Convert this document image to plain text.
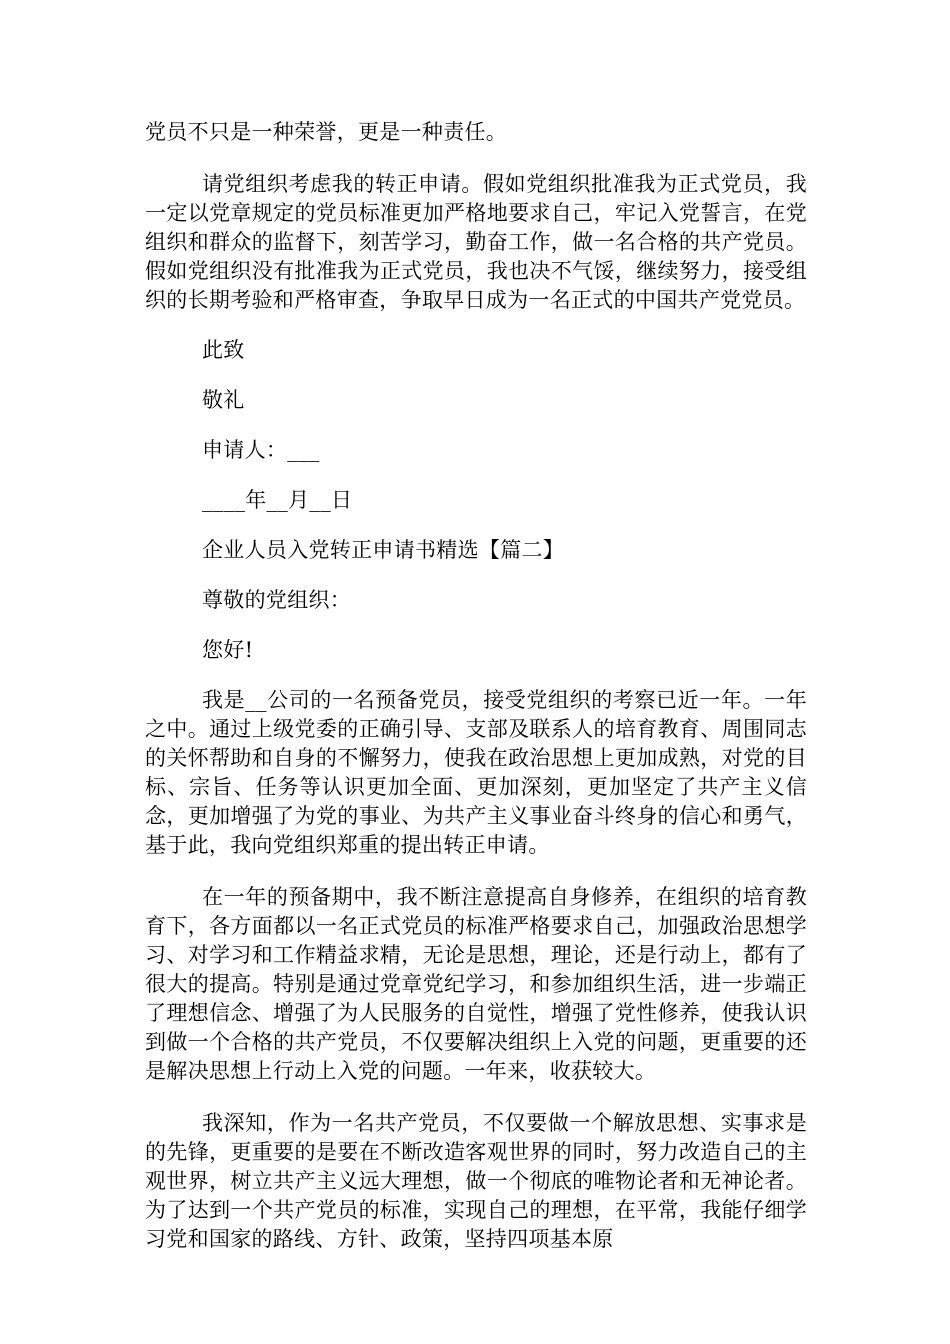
党员不只是一种荣誉，更是一种责任。

请党组织考虑我的转正申请。假如党组织批准我为正式党员，我一定以党章规定的党员标准更加严格地要求自己，牢记入党誓言，在党组织和群众的监督下，刻苦学习，勤奋工作，做一名合格的共产党员。假如党组织没有批准我为正式党员，我也决不气馁，继续努力，接受组织的长期考验和严格审查，争取早日成为一名正式的中国共产党党员。

此致

敬礼

申请人：___

____年__月__日

企业人员入党转正申请书精选【篇二】

尊敬的党组织：

您好!

我是__公司的一名预备党员，接受党组织的考察已近一年。一年之中。通过上级党委的正确引导、支部及联系人的培育教育、周围同志的关怀帮助和自身的不懈努力，使我在政治思想上更加成熟，对党的目标、宗旨、任务等认识更加全面、更加深刻，更加坚定了共产主义信念，更加增强了为党的事业、为共产主义事业奋斗终身的信心和勇气，基于此，我向党组织郑重的提出转正申请。

在一年的预备期中，我不断注意提高自身修养，在组织的培育教育下，各方面都以一名正式党员的标准严格要求自己，加强政治思想学习、对学习和工作精益求精，无论是思想，理论，还是行动上，都有了很大的提高。特别是通过党章党纪学习，和参加组织生活，进一步端正了理想信念、增强了为人民服务的自觉性，增强了党性修养，使我认识到做一个合格的共产党员，不仅要解决组织上入党的问题，更重要的还是解决思想上行动上入党的问题。一年来，收获较大。

我深知，作为一名共产党员，不仅要做一个解放思想、实事求是的先锋，更重要的是要在不断改造客观世界的同时，努力改造自己的主观世界，树立共产主义远大理想，做一个彻底的唯物论者和无神论者。为了达到一个共产党员的标准，实现自己的理想，在平常，我能仔细学习党和国家的路线、方针、政策，坚持四项基本原
